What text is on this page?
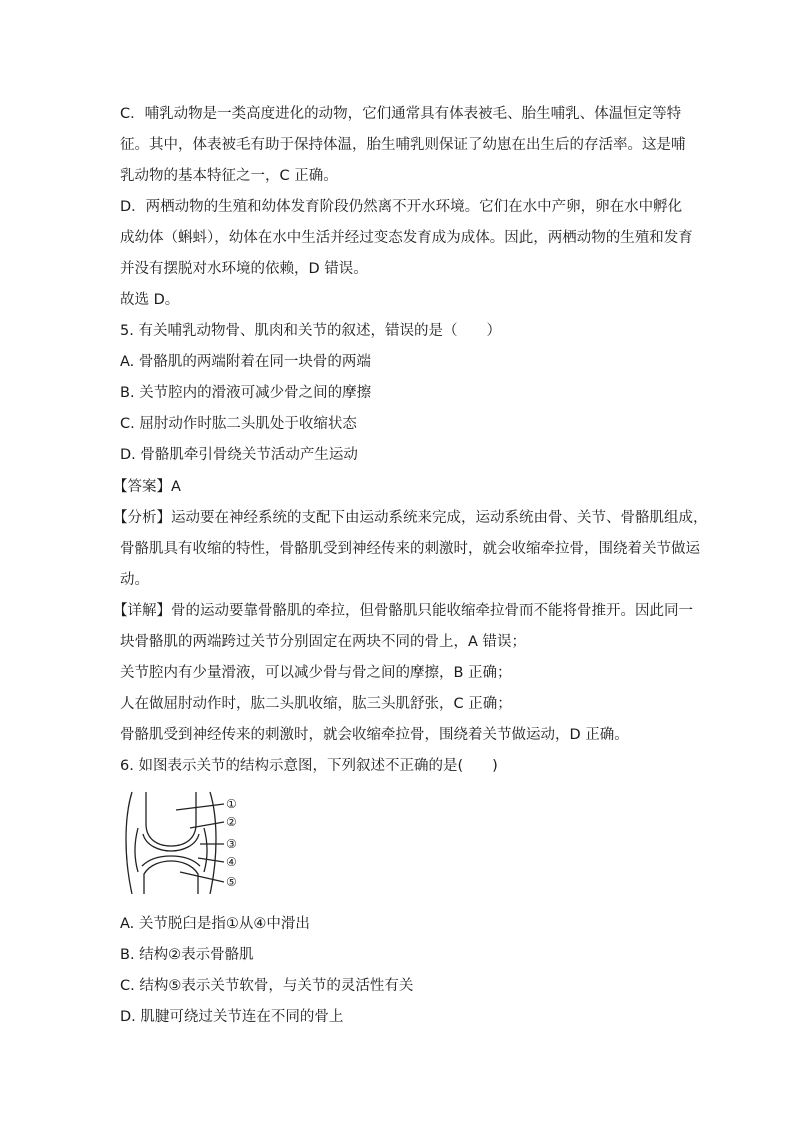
C．哺乳动物是一类高度进化的动物，它们通常具有体表被毛、胎生哺乳、体温恒定等特
征。其中，体表被毛有助于保持体温，胎生哺乳则保证了幼崽在出生后的存活率。这是哺
乳动物的基本特征之一，C 正确。
D．两栖动物的生殖和幼体发育阶段仍然离不开水环境。它们在水中产卵，卵在水中孵化
成幼体（蝌蚪），幼体在水中生活并经过变态发育成为成体。因此，两栖动物的生殖和发育
并没有摆脱对水环境的依赖，D 错误。
故选 D。
5. 有关哺乳动物骨、肌肉和关节的叙述，错误的是（　　）
A. 骨骼肌的两端附着在同一块骨的两端
B. 关节腔内的滑液可减少骨之间的摩擦
C. 屈肘动作时肱二头肌处于收缩状态
D. 骨骼肌牵引骨绕关节活动产生运动
【答案】A
【分析】运动要在神经系统的支配下由运动系统来完成，运动系统由骨、关节、骨骼肌组成，
骨骼肌具有收缩的特性，骨骼肌受到神经传来的刺激时，就会收缩牵拉骨，围绕着关节做运
动。
【详解】骨的运动要靠骨骼肌的牵拉，但骨骼肌只能收缩牵拉骨而不能将骨推开。因此同一
块骨骼肌的两端跨过关节分别固定在两块不同的骨上，A 错误；
关节腔内有少量滑液，可以减少骨与骨之间的摩擦，B 正确；
人在做屈肘动作时，肱二头肌收缩，肱三头肌舒张，C 正确；
骨骼肌受到神经传来的刺激时，就会收缩牵拉骨，围绕着关节做运动，D 正确。
6. 如图表示关节的结构示意图，下列叙述不正确的是(　　)
①
②
③
④
⑤
A. 关节脱臼是指①从④中滑出
B. 结构②表示骨骼肌
C. 结构⑤表示关节软骨，与关节的灵活性有关
D. 肌腱可绕过关节连在不同的骨上
